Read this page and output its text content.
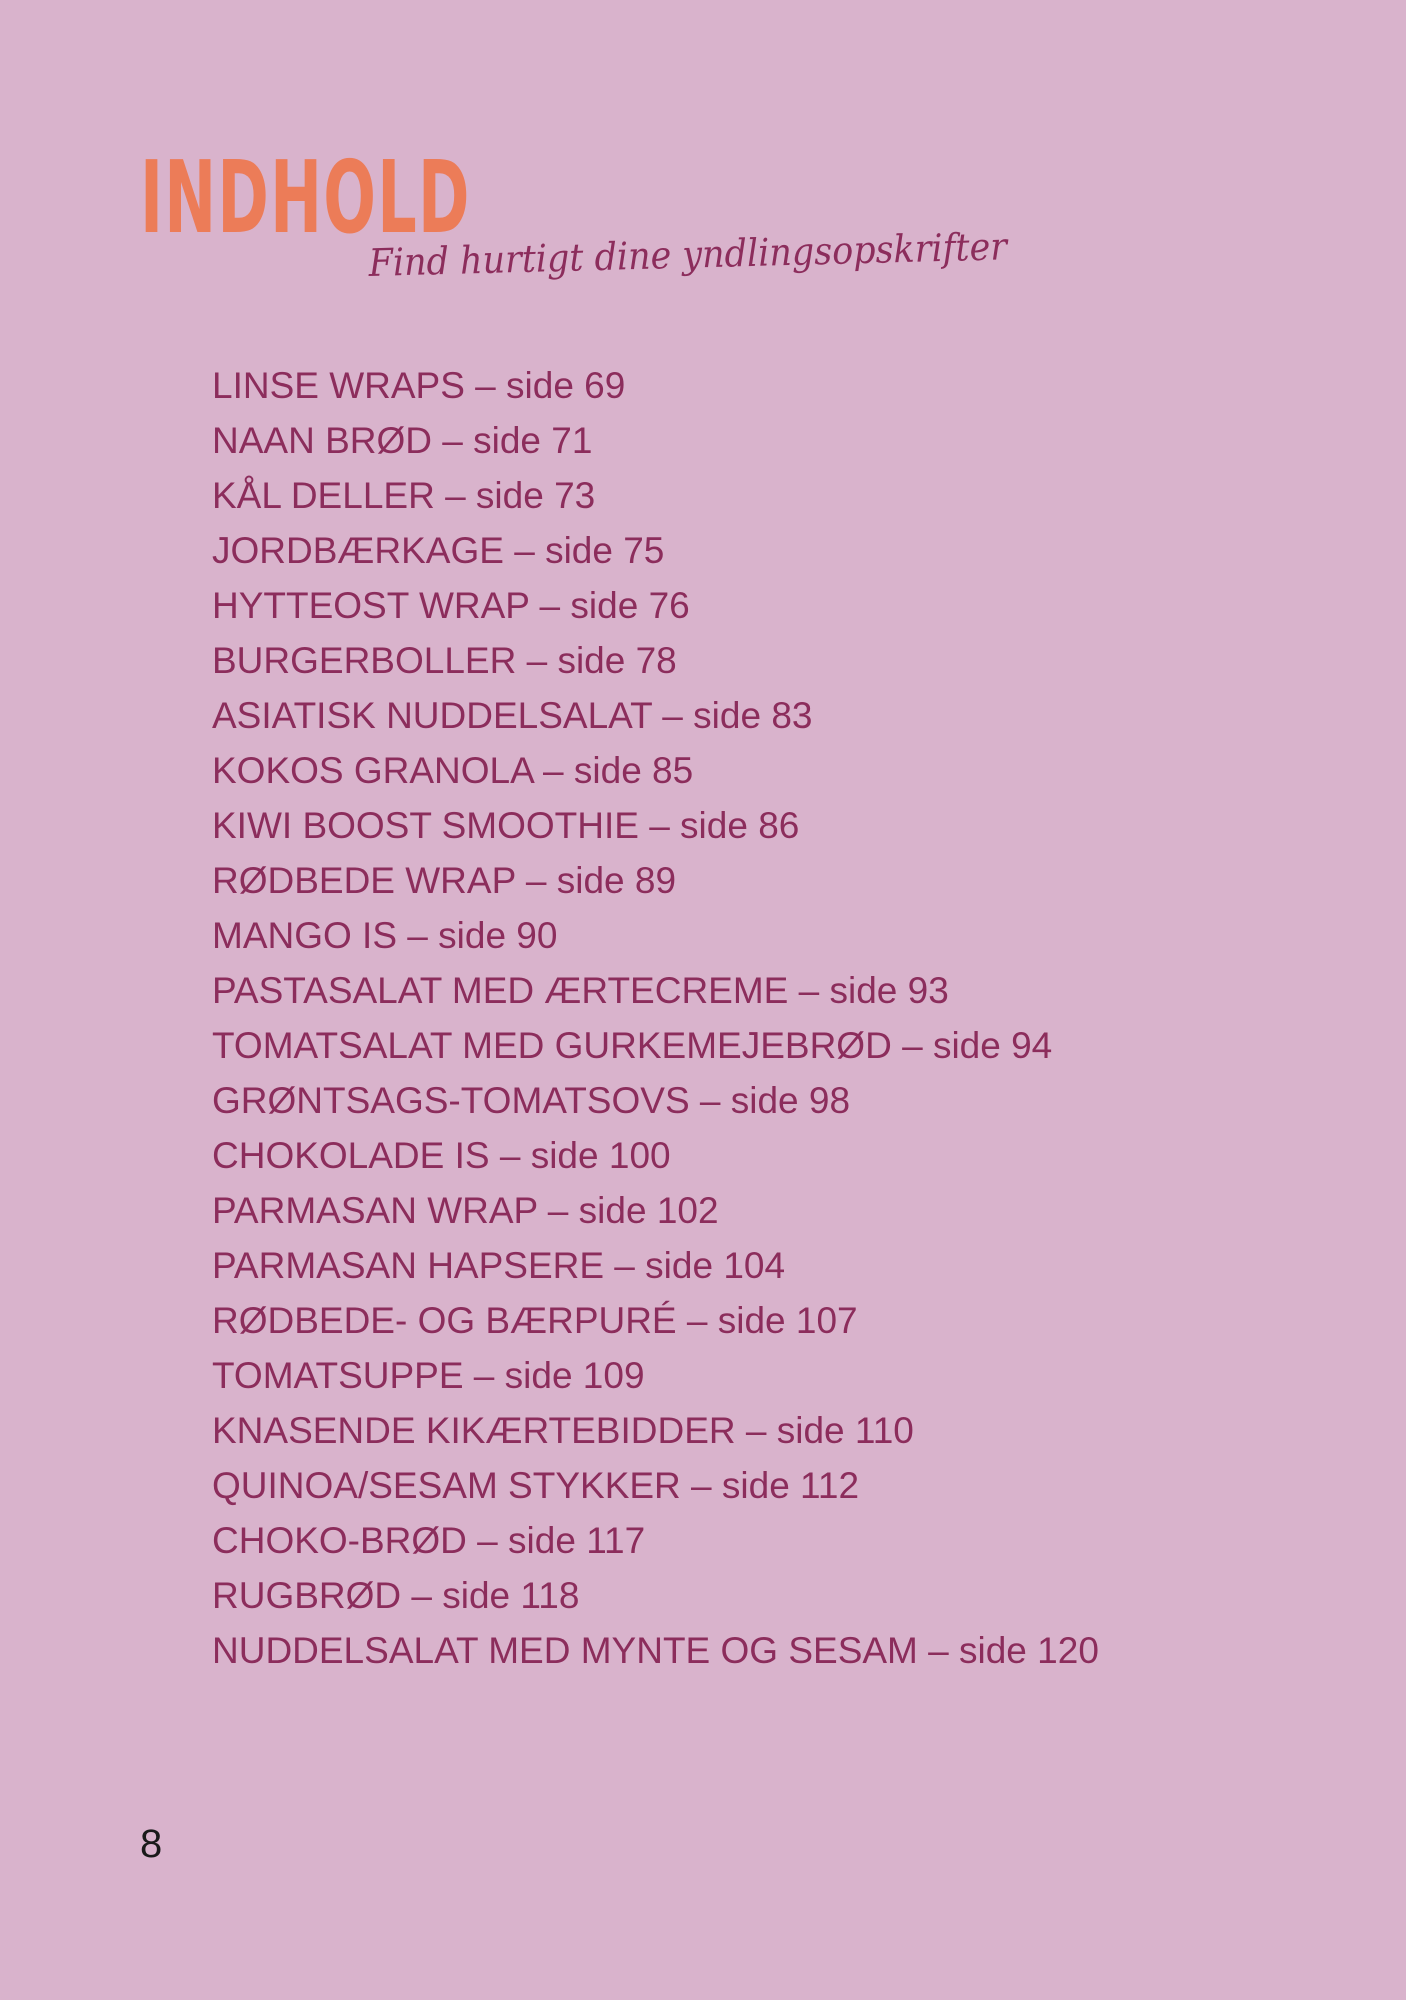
INDHOLD
Find hurtigt dine yndlingsopskrifter
LINSE WRAPS – side 69
NAAN BRØD – side 71
KÅL DELLER – side 73
JORDBÆRKAGE – side 75
HYTTEOST WRAP – side 76
BURGERBOLLER – side 78
ASIATISK NUDDELSALAT – side 83
KOKOS GRANOLA – side 85
KIWI BOOST SMOOTHIE – side 86
RØDBEDE WRAP – side 89
MANGO IS – side 90
PASTASALAT MED ÆRTECREME – side 93
TOMATSALAT MED GURKEMEJEBRØD – side 94
GRØNTSAGS-TOMATSOVS – side 98
CHOKOLADE IS – side 100
PARMASAN WRAP – side 102
PARMASAN HAPSERE – side 104
RØDBEDE- OG BÆRPURÉ – side 107
TOMATSUPPE – side 109
KNASENDE KIKÆRTEBIDDER – side 110
QUINOA/SESAM STYKKER – side 112
CHOKO-BRØD – side 117
RUGBRØD – side 118
NUDDELSALAT MED MYNTE OG SESAM – side 120
8
